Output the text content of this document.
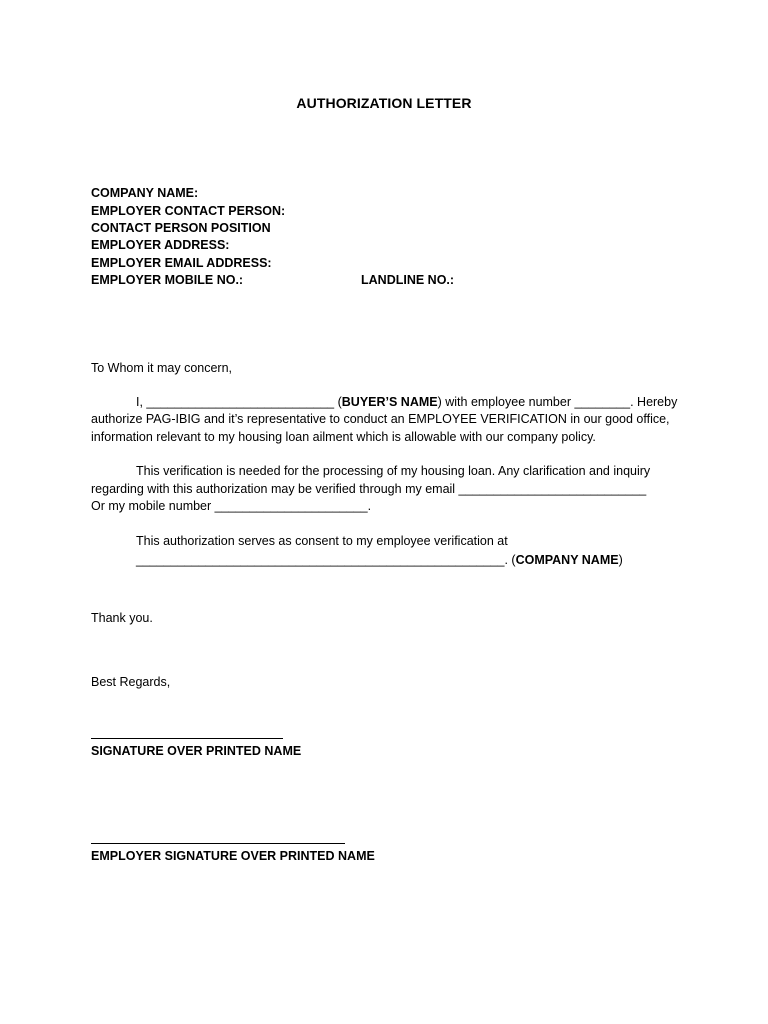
AUTHORIZATION LETTER
COMPANY NAME:
EMPLOYER CONTACT PERSON:
CONTACT PERSON POSITION
EMPLOYER ADDRESS:
EMPLOYER EMAIL ADDRESS:
EMPLOYER MOBILE NO.:	LANDLINE NO.:
To Whom it may concern,
I, ___________________________ (BUYER’S NAME) with employee number ________. Hereby
authorize PAG-IBIG and it’s representative to conduct an EMPLOYEE VERIFICATION in our good office,
information relevant to my housing loan ailment which is allowable with our company policy.
This verification is needed for the processing of my housing loan. Any clarification and inquiry
regarding with this authorization may be verified through my email ___________________________
Or my mobile number ______________________.
This authorization serves as consent to my employee verification at
_____________________________________________________. (COMPANY NAME)
Thank you.
Best Regards,
SIGNATURE OVER PRINTED NAME
EMPLOYER SIGNATURE OVER PRINTED NAME
